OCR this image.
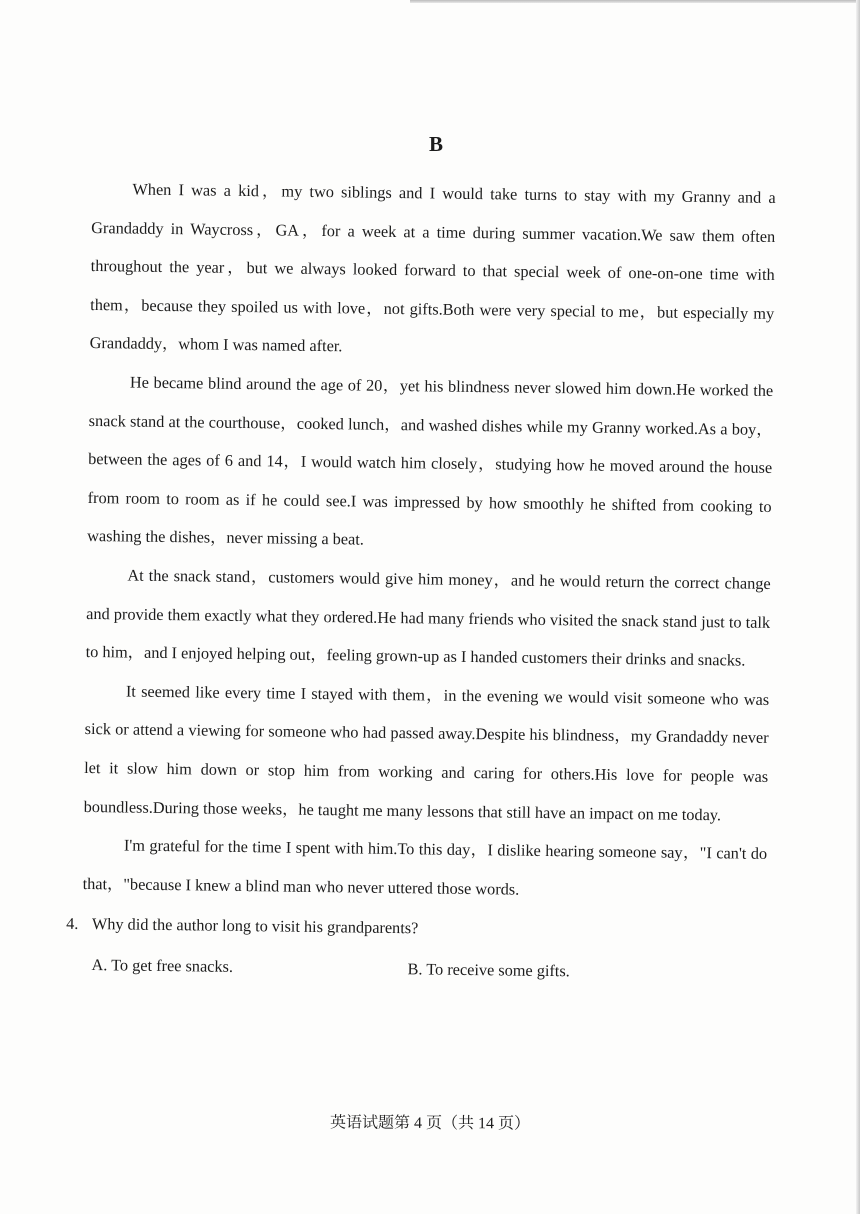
B

When I was a kid，my two siblings and I would take turns to stay with my Granny and a Grandaddy in Waycross，GA，for a week at a time during summer vacation.We saw them often throughout the year，but we always looked forward to that special week of one-on-one time with them，because they spoiled us with love，not gifts.Both were very special to me，but especially my Grandaddy，whom I was named after.

He became blind around the age of 20，yet his blindness never slowed him down.He worked the snack stand at the courthouse，cooked lunch，and washed dishes while my Granny worked.As a boy，between the ages of 6 and 14，I would watch him closely，studying how he moved around the house from room to room as if he could see.I was impressed by how smoothly he shifted from cooking to washing the dishes，never missing a beat.

At the snack stand，customers would give him money，and he would return the correct change and provide them exactly what they ordered.He had many friends who visited the snack stand just to talk to him，and I enjoyed helping out，feeling grown-up as I handed customers their drinks and snacks.

It seemed like every time I stayed with them，in the evening we would visit someone who was sick or attend a viewing for someone who had passed away.Despite his blindness，my Grandaddy never let it slow him down or stop him from working and caring for others.His love for people was boundless.During those weeks，he taught me many lessons that still have an impact on me today.

I'm grateful for the time I spent with him.To this day，I dislike hearing someone say，"I can't do that，"because I knew a blind man who never uttered those words.

4. Why did the author long to visit his grandparents?
A. To get free snacks.	B. To receive some gifts.
英语试题第 4 页（共 14 页）
